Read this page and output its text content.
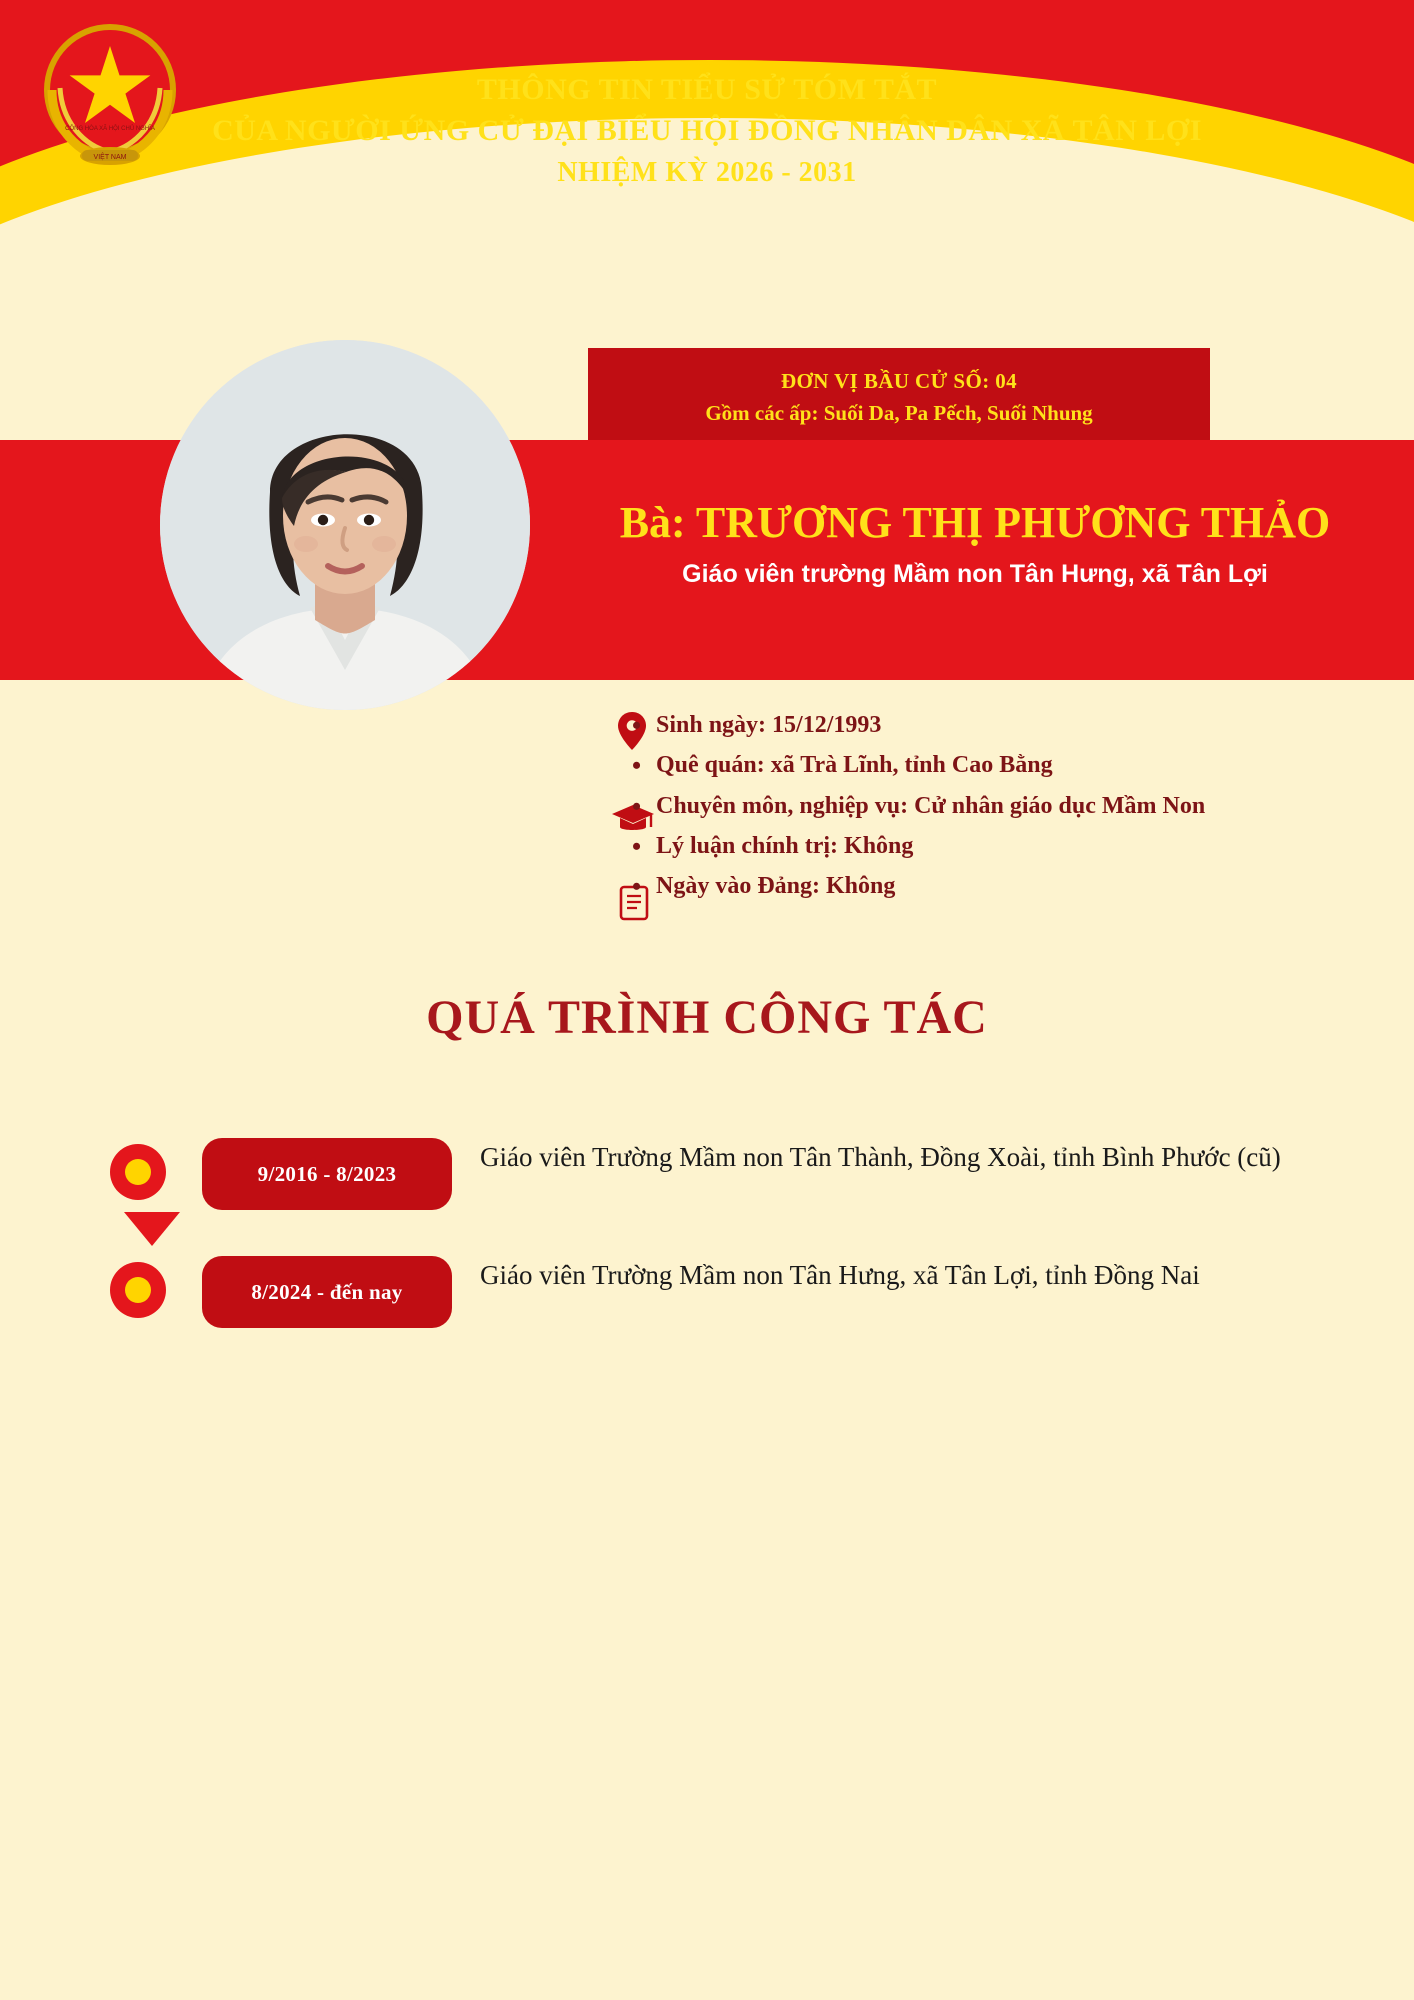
VIỆT NAM
CỘNG HÒA XÃ HỘI CHỦ NGHĨA
THÔNG TIN TIỂU SỬ TÓM TẮT
CỦA NGƯỜI ỨNG CỬ ĐẠI BIỂU HỘI ĐỒNG NHÂN DÂN XÃ TÂN LỢI
NHIỆM KỲ 2026 - 2031
ĐƠN VỊ BẦU CỬ SỐ: 04
Gồm các ấp: Suối Da, Pa Pếch, Suối Nhung
Bà: TRƯƠNG THỊ PHƯƠNG THẢO
Giáo viên trường Mầm non Tân Hưng, xã Tân Lợi
• Sinh ngày: 15/12/1993
• Quê quán: xã Trà Lĩnh, tỉnh Cao Bằng
• Chuyên môn, nghiệp vụ: Cử nhân giáo dục Mầm Non
• Lý luận chính trị: Không
• Ngày vào Đảng: Không
QUÁ TRÌNH CÔNG TÁC
9/2016 - 8/2023
Giáo viên Trường Mầm non Tân Thành, Đồng Xoài, tỉnh Bình Phước (cũ)
8/2024 - đến nay
Giáo viên Trường Mầm non Tân Hưng, xã Tân Lợi, tỉnh Đồng Nai
